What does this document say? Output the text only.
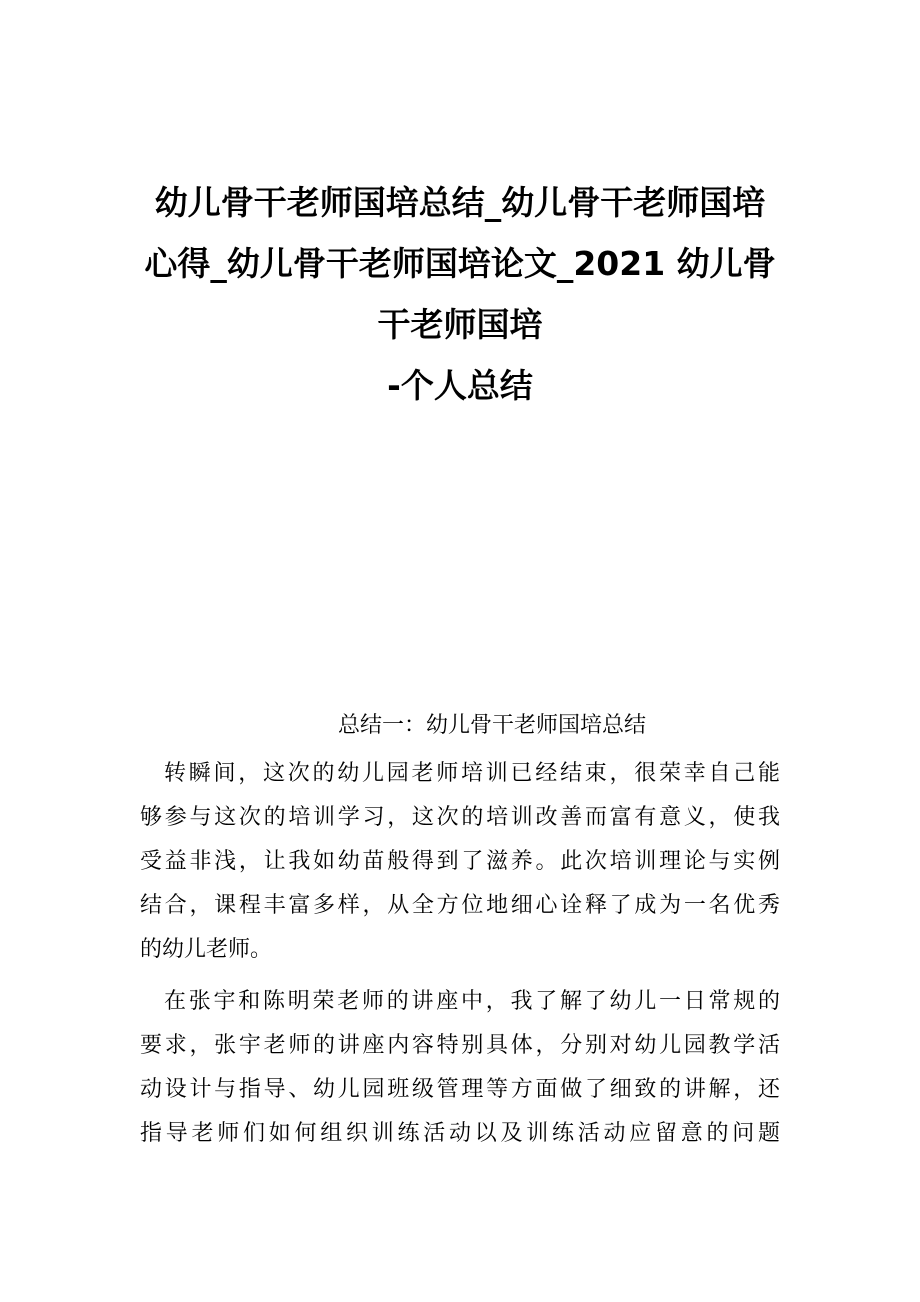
幼儿骨干老师国培总结_幼儿骨干老师国培
心得_幼儿骨干老师国培论文_2021 幼儿骨
干老师国培
-个人总结
总结一：幼儿骨干老师国培总结
转瞬间，这次的幼儿园老师培训已经结束，很荣幸自己能
够参与这次的培训学习，这次的培训改善而富有意义，使我
受益非浅，让我如幼苗般得到了滋养。此次培训理论与实例
结合，课程丰富多样，从全方位地细心诠释了成为一名优秀
的幼儿老师。
在张宇和陈明荣老师的讲座中，我了解了幼儿一日常规的
要求，张宇老师的讲座内容特别具体，分别对幼儿园教学活
动设计与指导、幼儿园班级管理等方面做了细致的讲解，还
指导老师们如何组织训练活动以及训练活动应留意的问题
